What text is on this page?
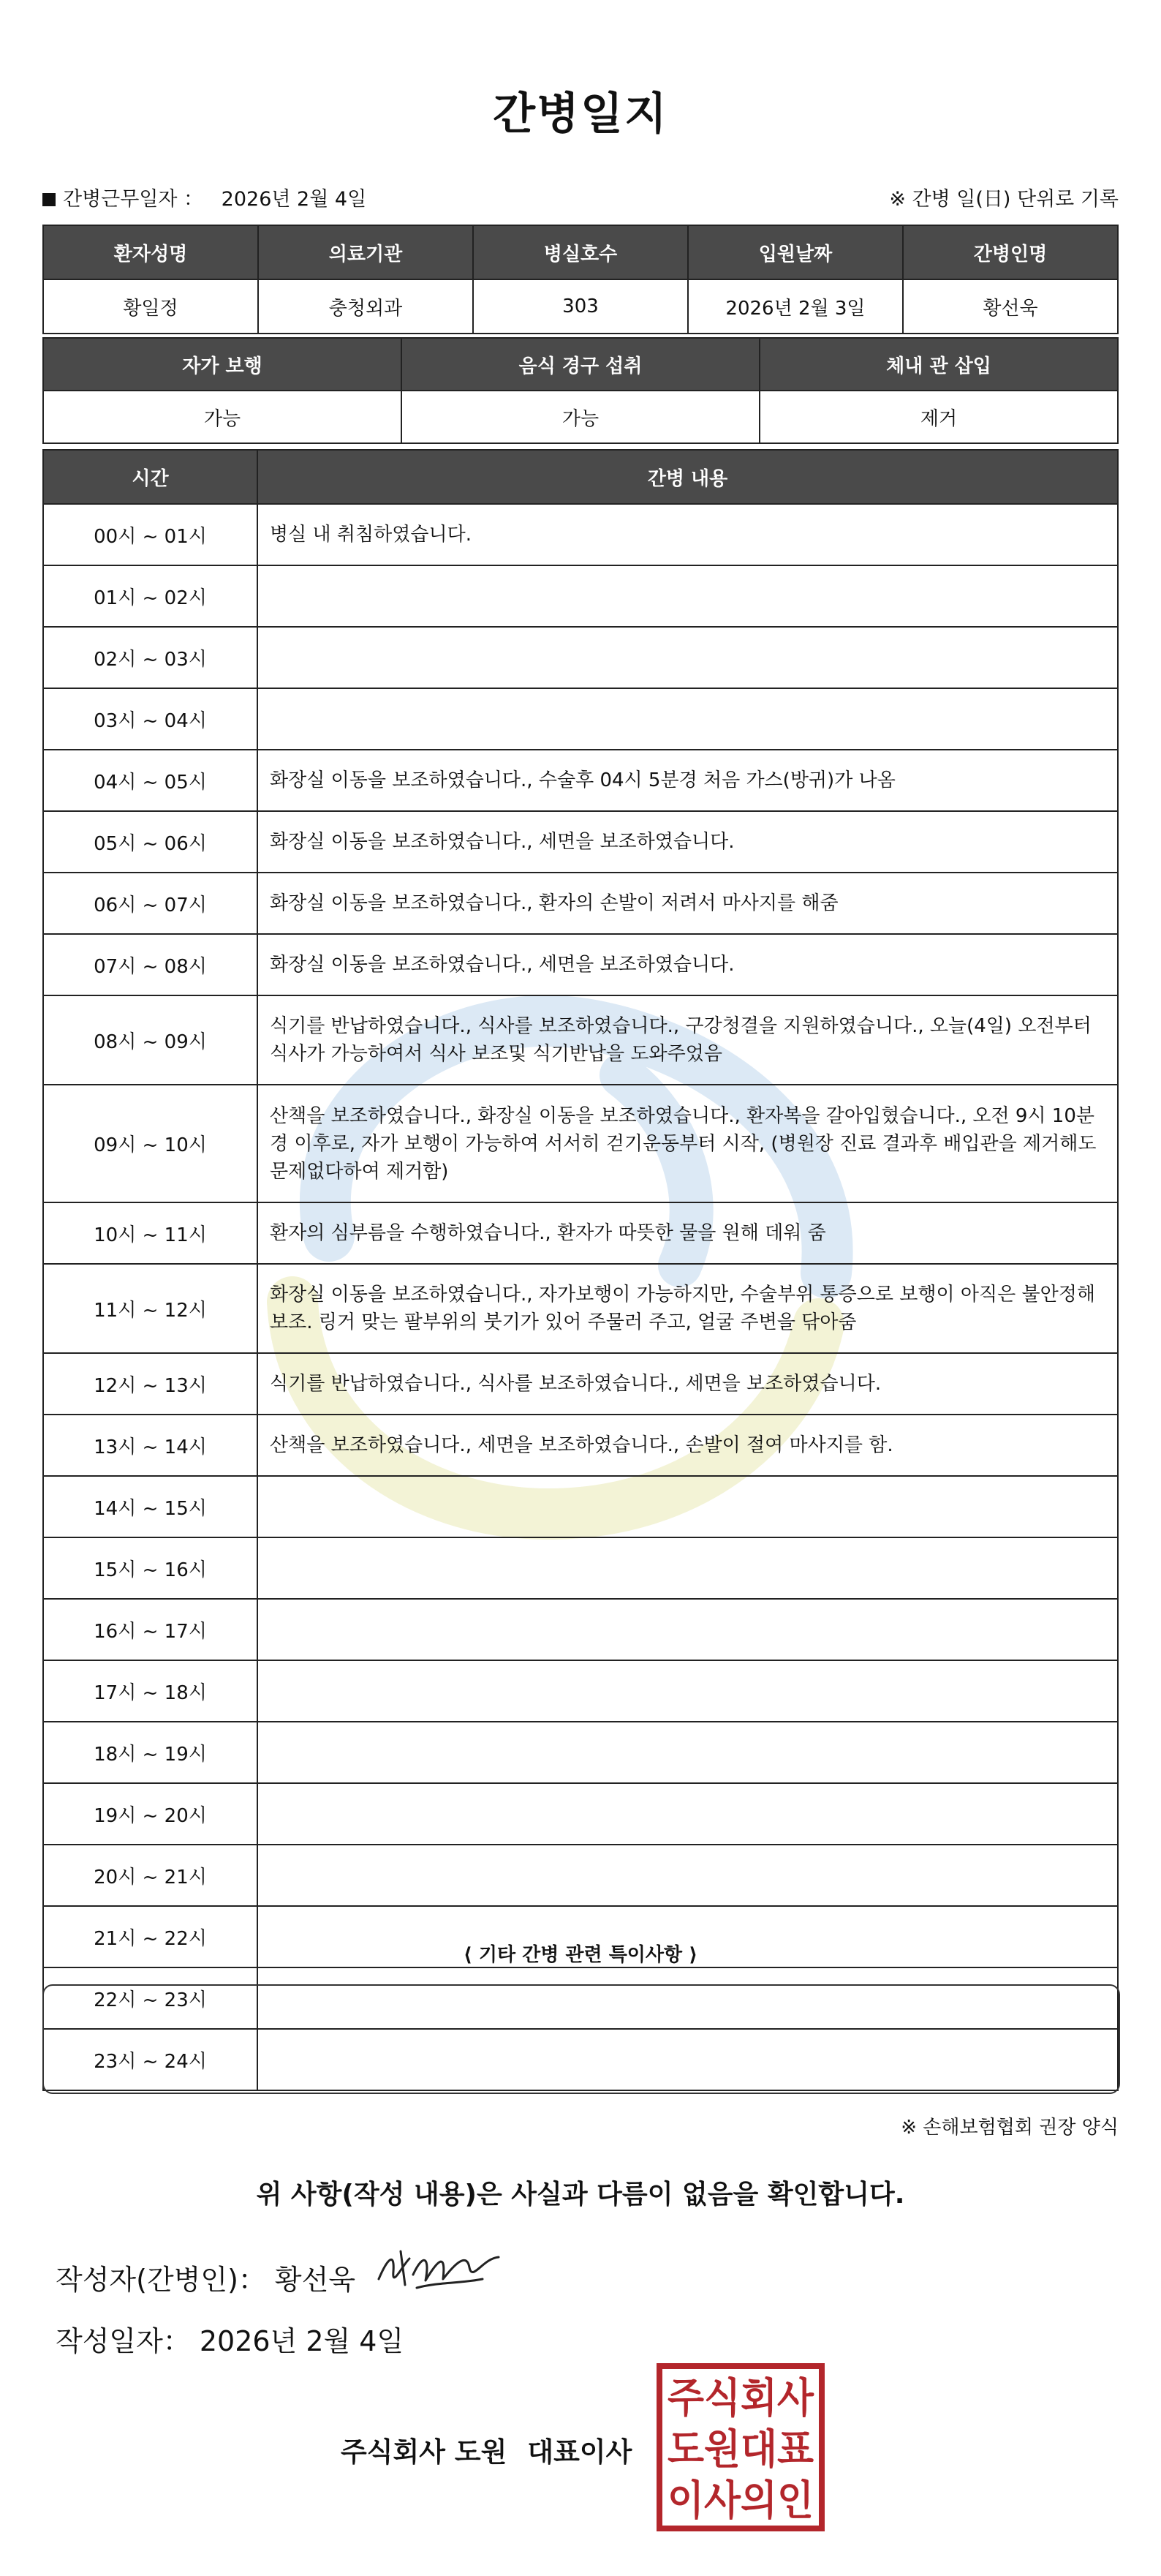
간병일지
간병근무일자 ： 2026년 2월 4일	※ 간병 일(日) 단위로 기록
환자성명	의료기관	병실호수	입원날짜	간병인명
황일정	충청외과	303	2026년 2월 3일	황선욱
자가 보행	음식 경구 섭취	체내 관 삽입
가능	가능	제거
시간	간병 내용
00시 ~ 01시	병실 내 취침하였습니다.
01시 ~ 02시	
02시 ~ 03시	
03시 ~ 04시	
04시 ~ 05시	화장실 이동을 보조하였습니다., 수술후 04시 5분경 처음 가스(방귀)가 나옴
05시 ~ 06시	화장실 이동을 보조하였습니다., 세면을 보조하였습니다.
06시 ~ 07시	화장실 이동을 보조하였습니다., 환자의 손발이 저려서 마사지를 해줌
07시 ~ 08시	화장실 이동을 보조하였습니다., 세면을 보조하였습니다.
08시 ~ 09시	식기를 반납하였습니다., 식사를 보조하였습니다., 구강청결을 지원하였습니다., 오늘(4일) 오전부터 식사가 가능하여서 식사 보조및 식기반납을 도와주었음
09시 ~ 10시	산책을 보조하였습니다., 화장실 이동을 보조하였습니다., 환자복을 갈아입혔습니다., 오전 9시 10분경 이후로, 자가 보행이 가능하여 서서히 걷기운동부터 시작, (병원장 진료 결과후 배입관을 제거해도 문제없다하여 제거함)
10시 ~ 11시	환자의 심부름을 수행하였습니다., 환자가 따뜻한 물을 원해 데워 줌
11시 ~ 12시	화장실 이동을 보조하였습니다., 자가보행이 가능하지만, 수술부위 통증으로 보행이 아직은 불안정해 보조. 링거 맞는 팔부위의 붓기가 있어 주물러 주고, 얼굴 주변을 닦아줌
12시 ~ 13시	식기를 반납하였습니다., 식사를 보조하였습니다., 세면을 보조하였습니다.
13시 ~ 14시	산책을 보조하였습니다., 세면을 보조하였습니다., 손발이 절여 마사지를 함.
14시 ~ 15시	
15시 ~ 16시	
16시 ~ 17시	
17시 ~ 18시	
18시 ~ 19시	
19시 ~ 20시	
20시 ~ 21시	
21시 ~ 22시	
22시 ~ 23시	
23시 ~ 24시	
⟨ 기타 간병 관련 특이사항 ⟩
※ 손해보험협회 권장 양식
위 사항(작성 내용)은 사실과 다름이 없음을 확인합니다.
작성자(간병인)： 황선욱
작성일자： 2026년 2월 4일
주식회사 도원 대표이사
주식회사
도원대표
이사의인
